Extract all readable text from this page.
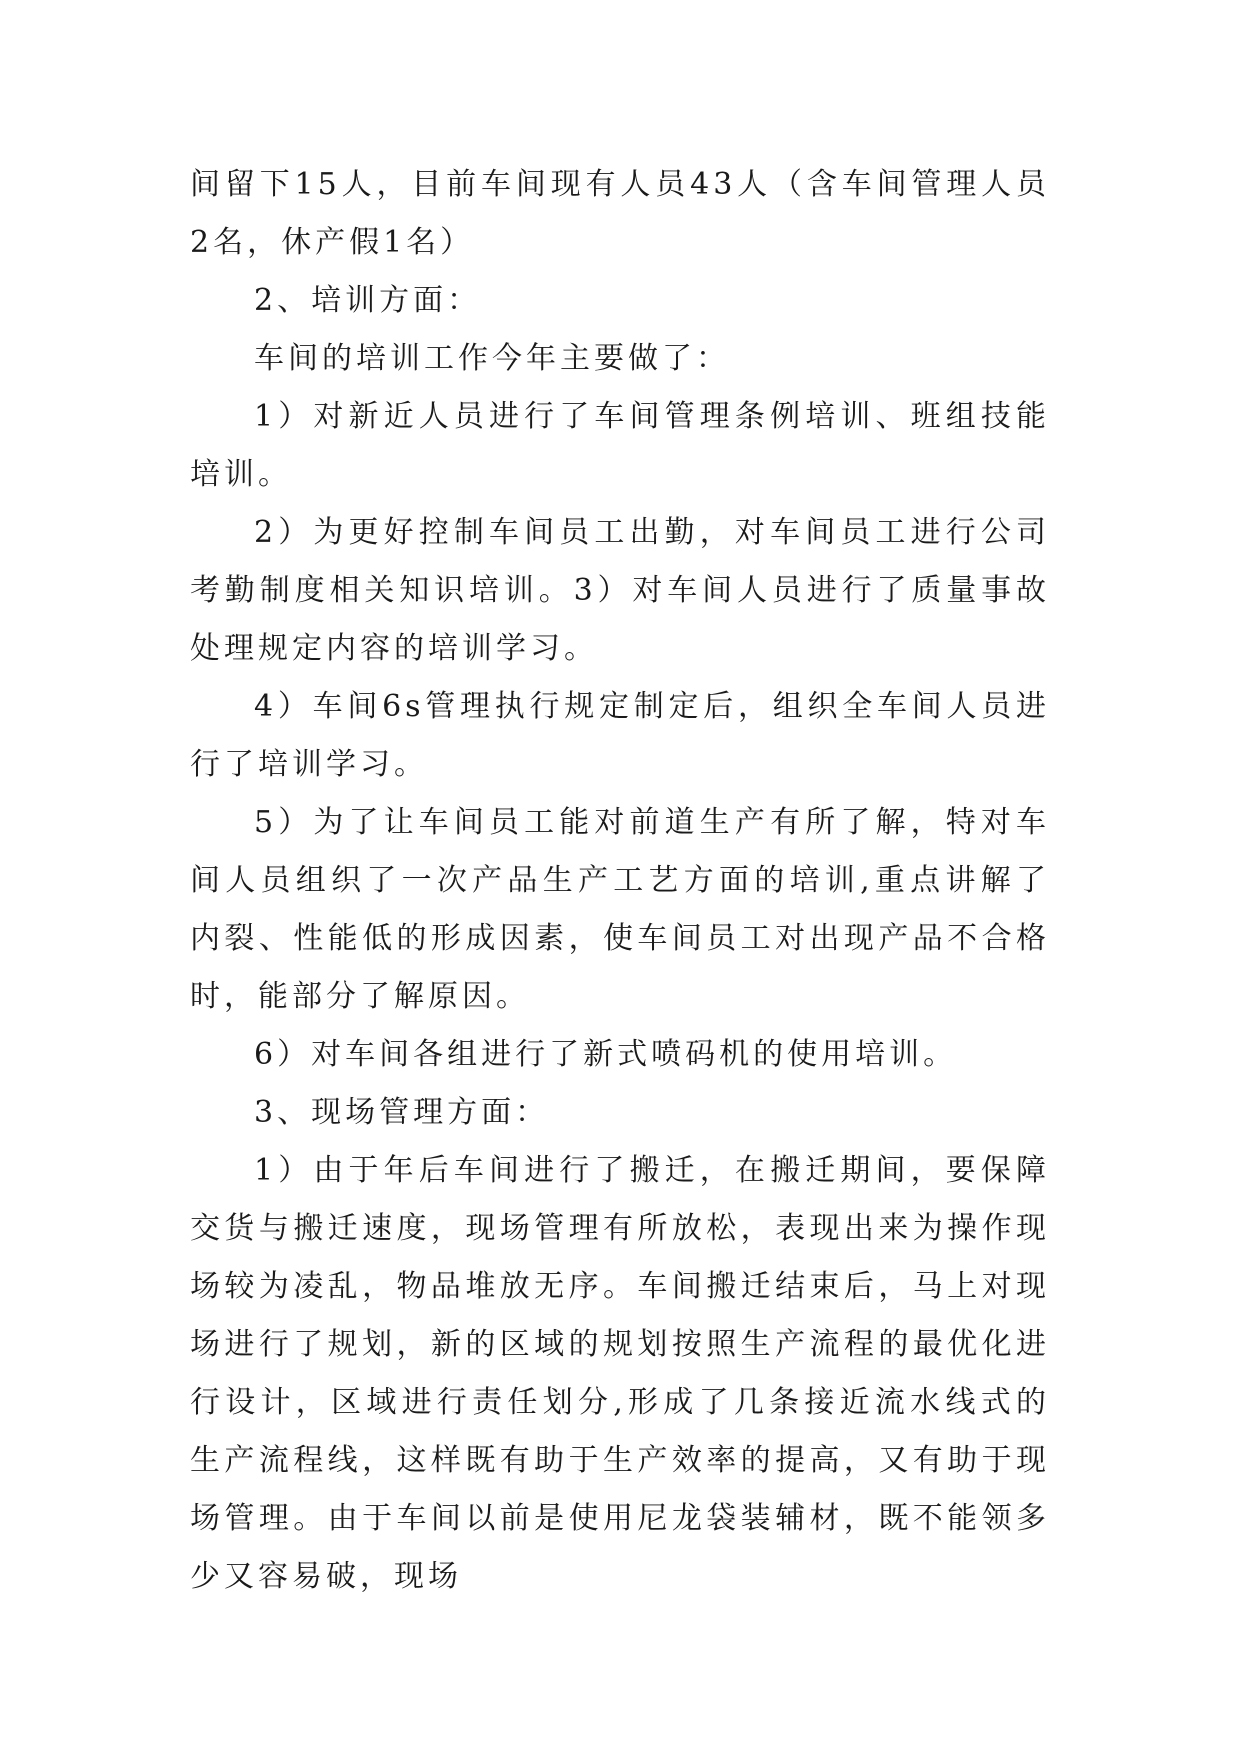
间留下15人，目前车间现有人员43人（含车间管理人员2名，休产假1名）

2、培训方面：

车间的培训工作今年主要做了：

1）对新近人员进行了车间管理条例培训、班组技能培训。

2）为更好控制车间员工出勤，对车间员工进行公司考勤制度相关知识培训。3）对车间人员进行了质量事故处理规定内容的培训学习。

4）车间6s管理执行规定制定后，组织全车间人员进行了培训学习。

5）为了让车间员工能对前道生产有所了解，特对车间人员组织了一次产品生产工艺方面的培训,重点讲解了内裂、性能低的形成因素，使车间员工对出现产品不合格时，能部分了解原因。

6）对车间各组进行了新式喷码机的使用培训。

3、现场管理方面：

1）由于年后车间进行了搬迁，在搬迁期间，要保障交货与搬迁速度，现场管理有所放松，表现出来为操作现场较为凌乱，物品堆放无序。车间搬迁结束后，马上对现场进行了规划，新的区域的规划按照生产流程的最优化进行设计，区域进行责任划分,形成了几条接近流水线式的生产流程线，这样既有助于生产效率的提高，又有助于现场管理。由于车间以前是使用尼龙袋装辅材，既不能领多少又容易破，现场
